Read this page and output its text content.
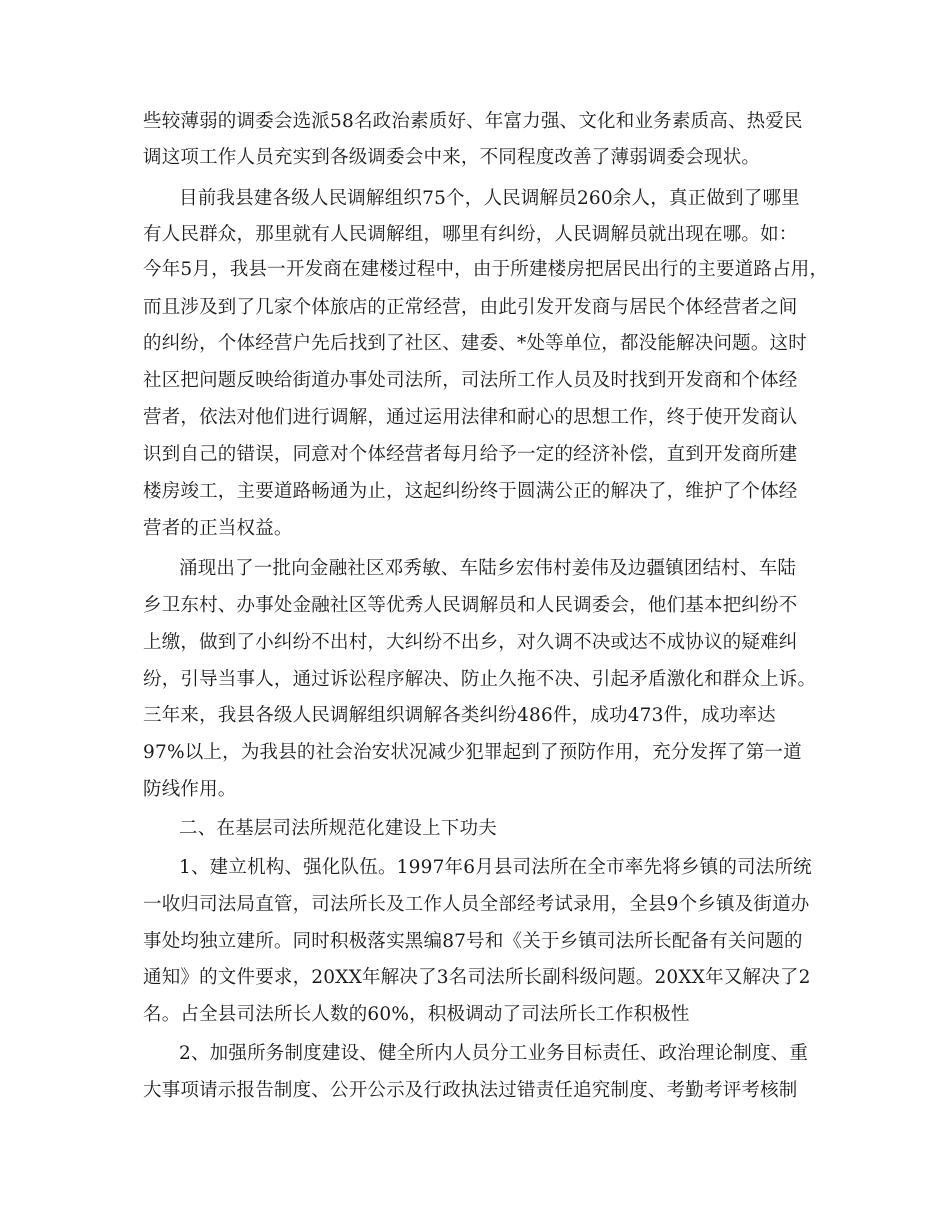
些较薄弱的调委会选派58名政治素质好、年富力强、文化和业务素质高、热爱民
调这项工作人员充实到各级调委会中来，不同程度改善了薄弱调委会现状。
目前我县建各级人民调解组织75个，人民调解员260余人，真正做到了哪里
有人民群众，那里就有人民调解组，哪里有纠纷，人民调解员就出现在哪。如：
今年5月，我县一开发商在建楼过程中，由于所建楼房把居民出行的主要道路占用，
而且涉及到了几家个体旅店的正常经营，由此引发开发商与居民个体经营者之间
的纠纷，个体经营户先后找到了社区、建委、*处等单位，都没能解决问题。这时
社区把问题反映给街道办事处司法所，司法所工作人员及时找到开发商和个体经
营者，依法对他们进行调解，通过运用法律和耐心的思想工作，终于使开发商认
识到自己的错误，同意对个体经营者每月给予一定的经济补偿，直到开发商所建
楼房竣工，主要道路畅通为止，这起纠纷终于圆满公正的解决了，维护了个体经
营者的正当权益。
涌现出了一批向金融社区邓秀敏、车陆乡宏伟村姜伟及边疆镇团结村、车陆
乡卫东村、办事处金融社区等优秀人民调解员和人民调委会，他们基本把纠纷不
上缴，做到了小纠纷不出村，大纠纷不出乡，对久调不决或达不成协议的疑难纠
纷，引导当事人，通过诉讼程序解决、防止久拖不决、引起矛盾激化和群众上诉。
三年来，我县各级人民调解组织调解各类纠纷486件，成功473件，成功率达
97%以上，为我县的社会治安状况减少犯罪起到了预防作用，充分发挥了第一道
防线作用。
二、在基层司法所规范化建设上下功夫
1、建立机构、强化队伍。1997年6月县司法所在全市率先将乡镇的司法所统
一收归司法局直管，司法所长及工作人员全部经考试录用，全县9个乡镇及街道办
事处均独立建所。同时积极落实黑编87号和《关于乡镇司法所长配备有关问题的
通知》的文件要求，20XX年解决了3名司法所长副科级问题。20XX年又解决了2
名。占全县司法所长人数的60%，积极调动了司法所长工作积极性
2、加强所务制度建设、健全所内人员分工业务目标责任、政治理论制度、重
大事项请示报告制度、公开公示及行政执法过错责任追究制度、考勤考评考核制
